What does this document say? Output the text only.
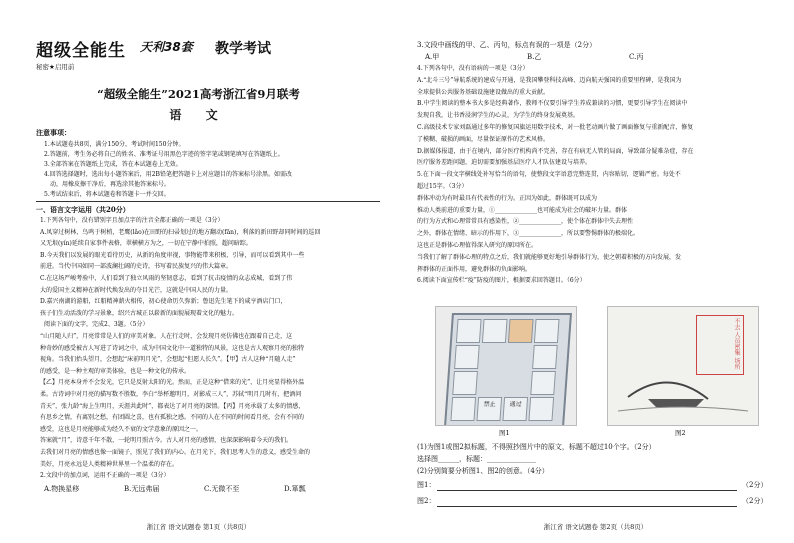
超级全能生 天利38套 教学考试
秘密★启用前
“超级全能生”2021高考浙江省9月联考
语 文
注意事项：
1.本试题卷共8页，满分150分，考试时间150分钟。
2.答题前，考生务必将自己的姓名、准考证号用黑色字迹的签字笔或钢笔填写在答题纸上。
3.全部答案在答题纸上完成，答在本试题卷上无效。
4.回答选择题时，选出每小题答案后，用2B铅笔把答题卡上对应题目的答案标号涂黑。如需改
动，用橡皮擦干净后，再选涂其他答案标号。
5.考试结束后，将本试题卷和答题卡一并交回。
一、语言文字运用（共20分）
1.下列各句中，没有错别字且加点字的注音全都正确的一项是（3分）
A.凤穿过树林，鸟鸣于树梢，老鹰(lǎo)在田野的扫帚划过的地方翻动(fān)，利落的新田野却同时间的巡回
又无垠(yín)延续自家事件表格，翠横横方为之，一切在宁静中拍照，超问暗踪。
B.今天我们以发展的眼光看待历史，从新的角度审视，事物能带来积极、引导，而可以看到其中一些
前进。当代中国如同一部波澜壮阔的史诗，书写着民族复兴的伟大篇章。
C.在这场严峻考验中，人们看到了独立风雨的坚韧意志，看到了抗击疫情的众志成城，看到了伟
大的爱国主义精神在新时代焕发出的夺目光芒，这就是中国人民的力量。
D.嘉兴南湖的游船，红船精神薪火相传，初心使命历久弥新；鲁迅先生笔下的咸亨酒店门口，
孩子们生动活泼的学习景象，绍兴古城正以崭新的面貌展现着文化的魅力。
阅读下面的文字，完成2、3题。（5分）
“山月随人归”，月亮常常是人们的审美对象。人在行走时，会发现月亮仿佛也在跟着自己走，这
种奇妙的感受被古人写进了诗词之中，成为中国文化中一道独特的风景，这也是古人观察月亮的独特
视角。当我们抬头望月，会想起“床前明月光”，会想起“但愿人长久”。【甲】古人这种“月随人走”
的感受，是一种主观的审美体验，也是一种文化的传承。
【乙】月亮本身并不会发光，它只是反射太阳的光。然而，正是这种“借来的光”，让月亮显得格外温
柔。古诗词中对月亮的描写数不胜数，李白“举杯邀明月，对影成三人”，苏轼“明月几时有，把酒问
青天”，张九龄“海上生明月，天涯共此时”，都表达了对月亮的深情。【丙】月亮承载了太多的情感，
有思乡之情，有离别之愁，有团圆之喜，也有孤独之感。不同的人在不同的时间看月亮，会有不同的
感受，这也是月亮能够成为经久不衰的文学意象的原因之一。
答案就“月”，诗意千年不散，一轮明月照古今。古人对月亮的感情，也深深影响着今天的我们。
去我们对月亮的情感也像一面镜子，照见了我们的内心。在月光下，我们思考人生的意义，感受生命的
美好，月亮永远是人类精神世界里一个温柔的存在。
2.文段中的加点词，运用不正确的一项是（3分）
A.物换星移	B.无远弗届	C.无微不至	D.箪瓢
浙江省 语文试题卷 第1页（共8页）
3.文段中画线的甲、乙、丙句，标点有误的一项是（2分）
A.甲	B.乙	C.丙
4.下列各句中，没有语病的一项是（3分）
A.“北斗三号”导航系统的建成与开通，是我国攀登科技高峰、迈向航天强国的重要里程碑，是我国为
全球提供公共服务基础设施建设做出的重大贡献。
B.中学生阅读的整本书大多是经典著作，教师不仅要引导学生养成兼读的习惯，更要引导学生在阅读中
发现自我，让书香浸润学生的心灵，为学生的终身发展奠基。
C.高级技术专家刘磊通过多年的修复国旗运用数字技术，对一批老动画片做了画面修复与重新配音，修复
了模糊、破损的画面，尽量保证原作的艺术风格。
D.据媒体报道，由于在境内，部分医疗机构尚不完善，存在有病无人管的局面，导致部分疑难杂症，存在
医疗服务差距问题，迫切需要加强基层医疗人才队伍建设与培养。
5.在下面一段文字横线处补写恰当的语句，使整段文字语意完整连贯，内容贴切，逻辑严密。每处不
超过15字。（3分）
群体冲动为有时最具有代表性的行为。正因为如此，群体既可以成为
推动人类前进的重要力量，①______________也可能成为社会的破坏力量。群体
的行为方式和心理常常具有感染性，②______________，使个体在群体中失去理性
之外，群体在情绪、暗示的作用下，③______________，所以要警惕群体的极端化。
这也正是群体心理值得深入研究的原因所在。
当我们了解了群体心理的特点之后，我们就能够更好地引导群体行为，使之朝着积极的方向发展，发
挥群体的正面作用，避免群体的负面影响。
6.阅读下面宣传栏“疫”防疫的图片，根据要求回答题目。（6分）
禁止 通过
图1
不去 人员密集 场所
图2
(1)为图1或图2拟标题，不得照抄图片中的原文，标题不超过10个字。（2分）
选择图______，标题：______________
(2)分别简要分析图1、图2的创意。（4分）
图1：	（2分）
图2：	（2分）
浙江省 语文试题卷 第2页（共8页）
